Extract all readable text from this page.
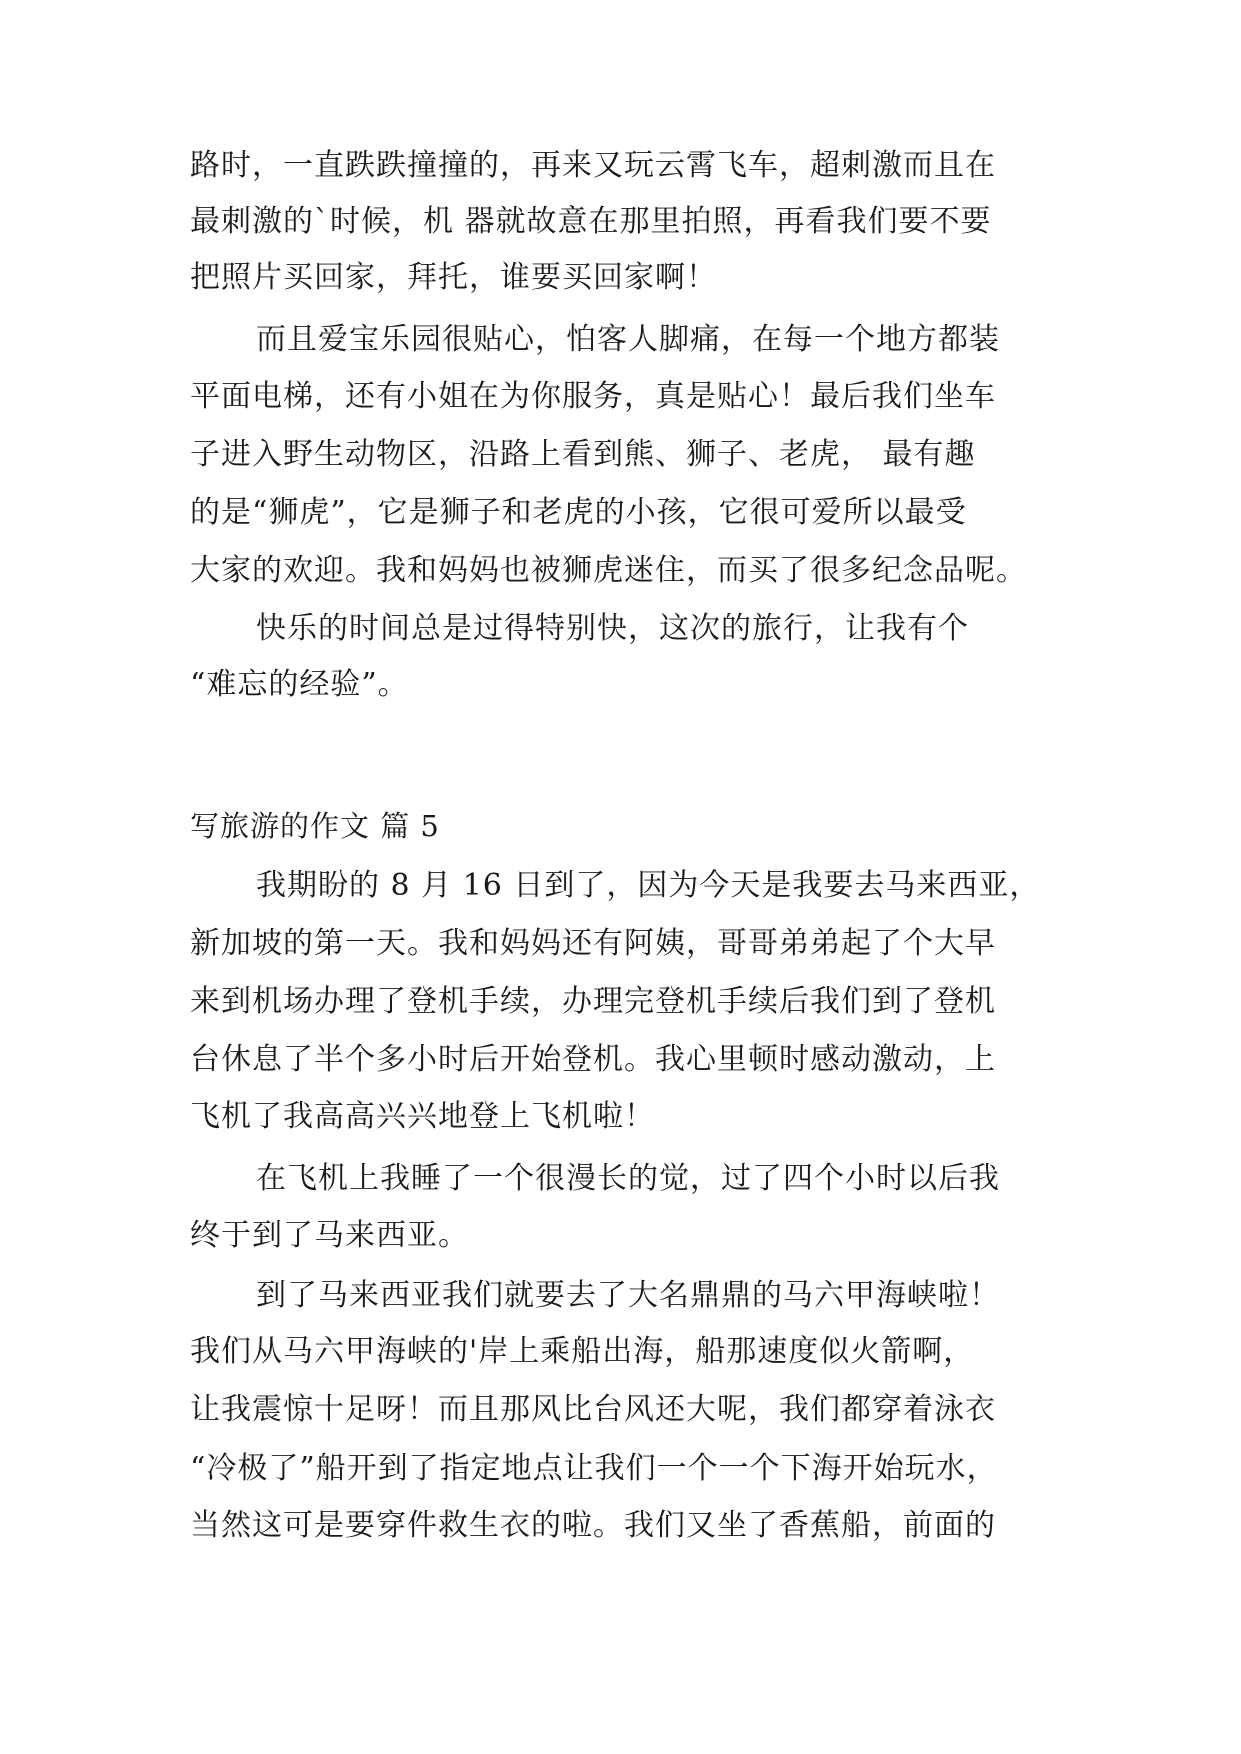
路时，一直跌跌撞撞的，再来又玩云霄飞车，超刺激而且在
最刺激的`时候，机 器就故意在那里拍照，再看我们要不要
把照片买回家，拜托，谁要买回家啊！
而且爱宝乐园很贴心，怕客人脚痛，在每一个地方都装
平面电梯，还有小姐在为你服务，真是贴心！最后我们坐车
子进入野生动物区，沿路上看到熊、狮子、老虎， 最有趣
的是“狮虎”，它是狮子和老虎的小孩，它很可爱所以最受
大家的欢迎。我和妈妈也被狮虎迷住，而买了很多纪念品呢。
快乐的时间总是过得特别快，这次的旅行，让我有个
“难忘的经验”。
写旅游的作文 篇 5
我期盼的 8 月 16 日到了，因为今天是我要去马来西亚，
新加坡的第一天。我和妈妈还有阿姨，哥哥弟弟起了个大早
来到机场办理了登机手续，办理完登机手续后我们到了登机
台休息了半个多小时后开始登机。我心里顿时感动激动，上
飞机了我高高兴兴地登上飞机啦！
在飞机上我睡了一个很漫长的觉，过了四个小时以后我
终于到了马来西亚。
到了马来西亚我们就要去了大名鼎鼎的马六甲海峡啦！
我们从马六甲海峡的'岸上乘船出海，船那速度似火箭啊，
让我震惊十足呀！而且那风比台风还大呢，我们都穿着泳衣
“冷极了”船开到了指定地点让我们一个一个下海开始玩水，
当然这可是要穿件救生衣的啦。我们又坐了香蕉船，前面的
